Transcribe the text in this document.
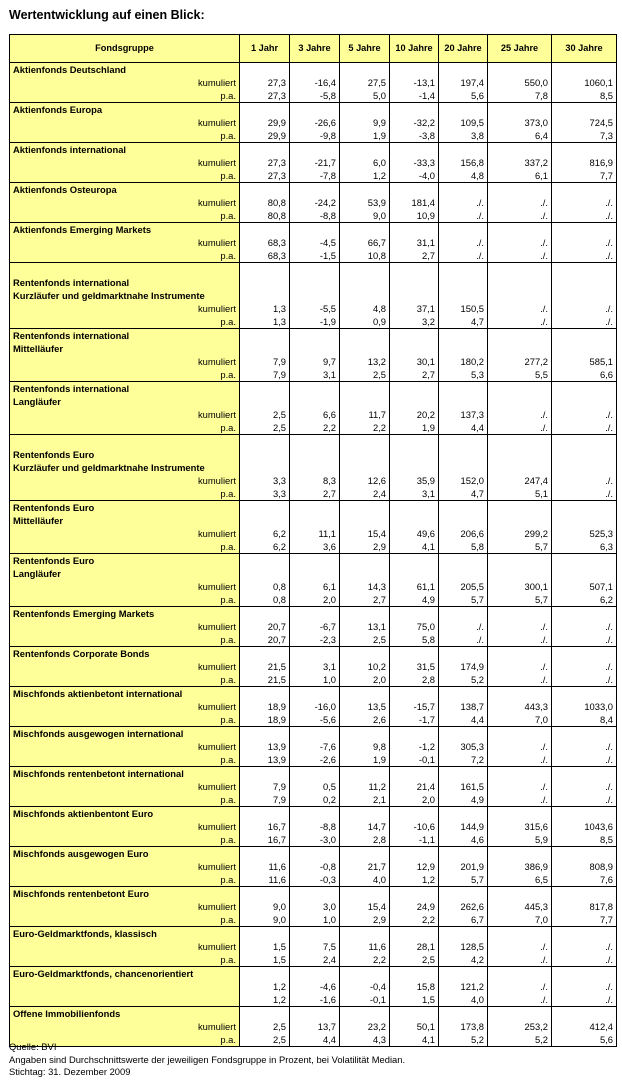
Wertentwicklung auf einen Blick:
Fondsgruppe	1 Jahr	3 Jahre	5 Jahre	10 Jahre	20 Jahre	25 Jahre	30 Jahre
Aktienfonds Deutschland							
kumuliert	27,3	-16,4	27,5	-13,1	197,4	550,0	1060,1
p.a.	27,3	-5,8	5,0	-1,4	5,6	7,8	8,5
Aktienfonds Europa							
kumuliert	29,9	-26,6	9,9	-32,2	109,5	373,0	724,5
p.a.	29,9	-9,8	1,9	-3,8	3,8	6,4	7,3
Aktienfonds international							
kumuliert	27,3	-21,7	6,0	-33,3	156,8	337,2	816,9
p.a.	27,3	-7,8	1,2	-4,0	4,8	6,1	7,7
Aktienfonds Osteuropa							
kumuliert	80,8	-24,2	53,9	181,4	./.	./.	./.
p.a.	80,8	-8,8	9,0	10,9	./.	./.	./.
Aktienfonds Emerging Markets							
kumuliert	68,3	-4,5	66,7	31,1	./.	./.	./.
p.a.	68,3	-1,5	10,8	2,7	./.	./.	./.

Rentenfonds international							
Kurzläufer und geldmarktnahe Instrumente							
kumuliert	1,3	-5,5	4,8	37,1	150,5	./.	./.
p.a.	1,3	-1,9	0,9	3,2	4,7	./.	./.
Rentenfonds international							
Mittelläufer							
kumuliert	7,9	9,7	13,2	30,1	180,2	277,2	585,1
p.a.	7,9	3,1	2,5	2,7	5,3	5,5	6,6
Rentenfonds international							
Langläufer							
kumuliert	2,5	6,6	11,7	20,2	137,3	./.	./.
p.a.	2,5	2,2	2,2	1,9	4,4	./.	./.

Rentenfonds Euro							
Kurzläufer und geldmarktnahe Instrumente							
kumuliert	3,3	8,3	12,6	35,9	152,0	247,4	./.
p.a.	3,3	2,7	2,4	3,1	4,7	5,1	./.
Rentenfonds Euro							
Mittelläufer							
kumuliert	6,2	11,1	15,4	49,6	206,6	299,2	525,3
p.a.	6,2	3,6	2,9	4,1	5,8	5,7	6,3
Rentenfonds Euro							
Langläufer							
kumuliert	0,8	6,1	14,3	61,1	205,5	300,1	507,1
p.a.	0,8	2,0	2,7	4,9	5,7	5,7	6,2
Rentenfonds Emerging Markets							
kumuliert	20,7	-6,7	13,1	75,0	./.	./.	./.
p.a.	20,7	-2,3	2,5	5,8	./.	./.	./.
Rentenfonds Corporate Bonds							
kumuliert	21,5	3,1	10,2	31,5	174,9	./.	./.
p.a.	21,5	1,0	2,0	2,8	5,2	./.	./.
Mischfonds aktienbetont international							
kumuliert	18,9	-16,0	13,5	-15,7	138,7	443,3	1033,0
p.a.	18,9	-5,6	2,6	-1,7	4,4	7,0	8,4
Mischfonds ausgewogen international							
kumuliert	13,9	-7,6	9,8	-1,2	305,3	./.	./.
p.a.	13,9	-2,6	1,9	-0,1	7,2	./.	./.
Mischfonds rentenbetont international							
kumuliert	7,9	0,5	11,2	21,4	161,5	./.	./.
p.a.	7,9	0,2	2,1	2,0	4,9	./.	./.
Mischfonds aktienbentont Euro							
kumuliert	16,7	-8,8	14,7	-10,6	144,9	315,6	1043,6
p.a.	16,7	-3,0	2,8	-1,1	4,6	5,9	8,5
Mischfonds ausgewogen Euro							
kumuliert	11,6	-0,8	21,7	12,9	201,9	386,9	808,9
p.a.	11,6	-0,3	4,0	1,2	5,7	6,5	7,6
Mischfonds rentenbetont Euro							
kumuliert	9,0	3,0	15,4	24,9	262,6	445,3	817,8
p.a.	9,0	1,0	2,9	2,2	6,7	7,0	7,7
Euro-Geldmarktfonds, klassisch							
kumuliert	1,5	7,5	11,6	28,1	128,5	./.	./.
p.a.	1,5	2,4	2,2	2,5	4,2	./.	./.
Euro-Geldmarktfonds, chancenorientiert							
	1,2	-4,6	-0,4	15,8	121,2	./.	./.
	1,2	-1,6	-0,1	1,5	4,0	./.	./.
Offene Immobilienfonds							
kumuliert	2,5	13,7	23,2	50,1	173,8	253,2	412,4
p.a.	2,5	4,4	4,3	4,1	5,2	5,2	5,6
Quelle: BVI
Angaben sind Durchschnittswerte der jeweiligen Fondsgruppe in Prozent, bei Volatilität Median.
Stichtag: 31. Dezember 2009
